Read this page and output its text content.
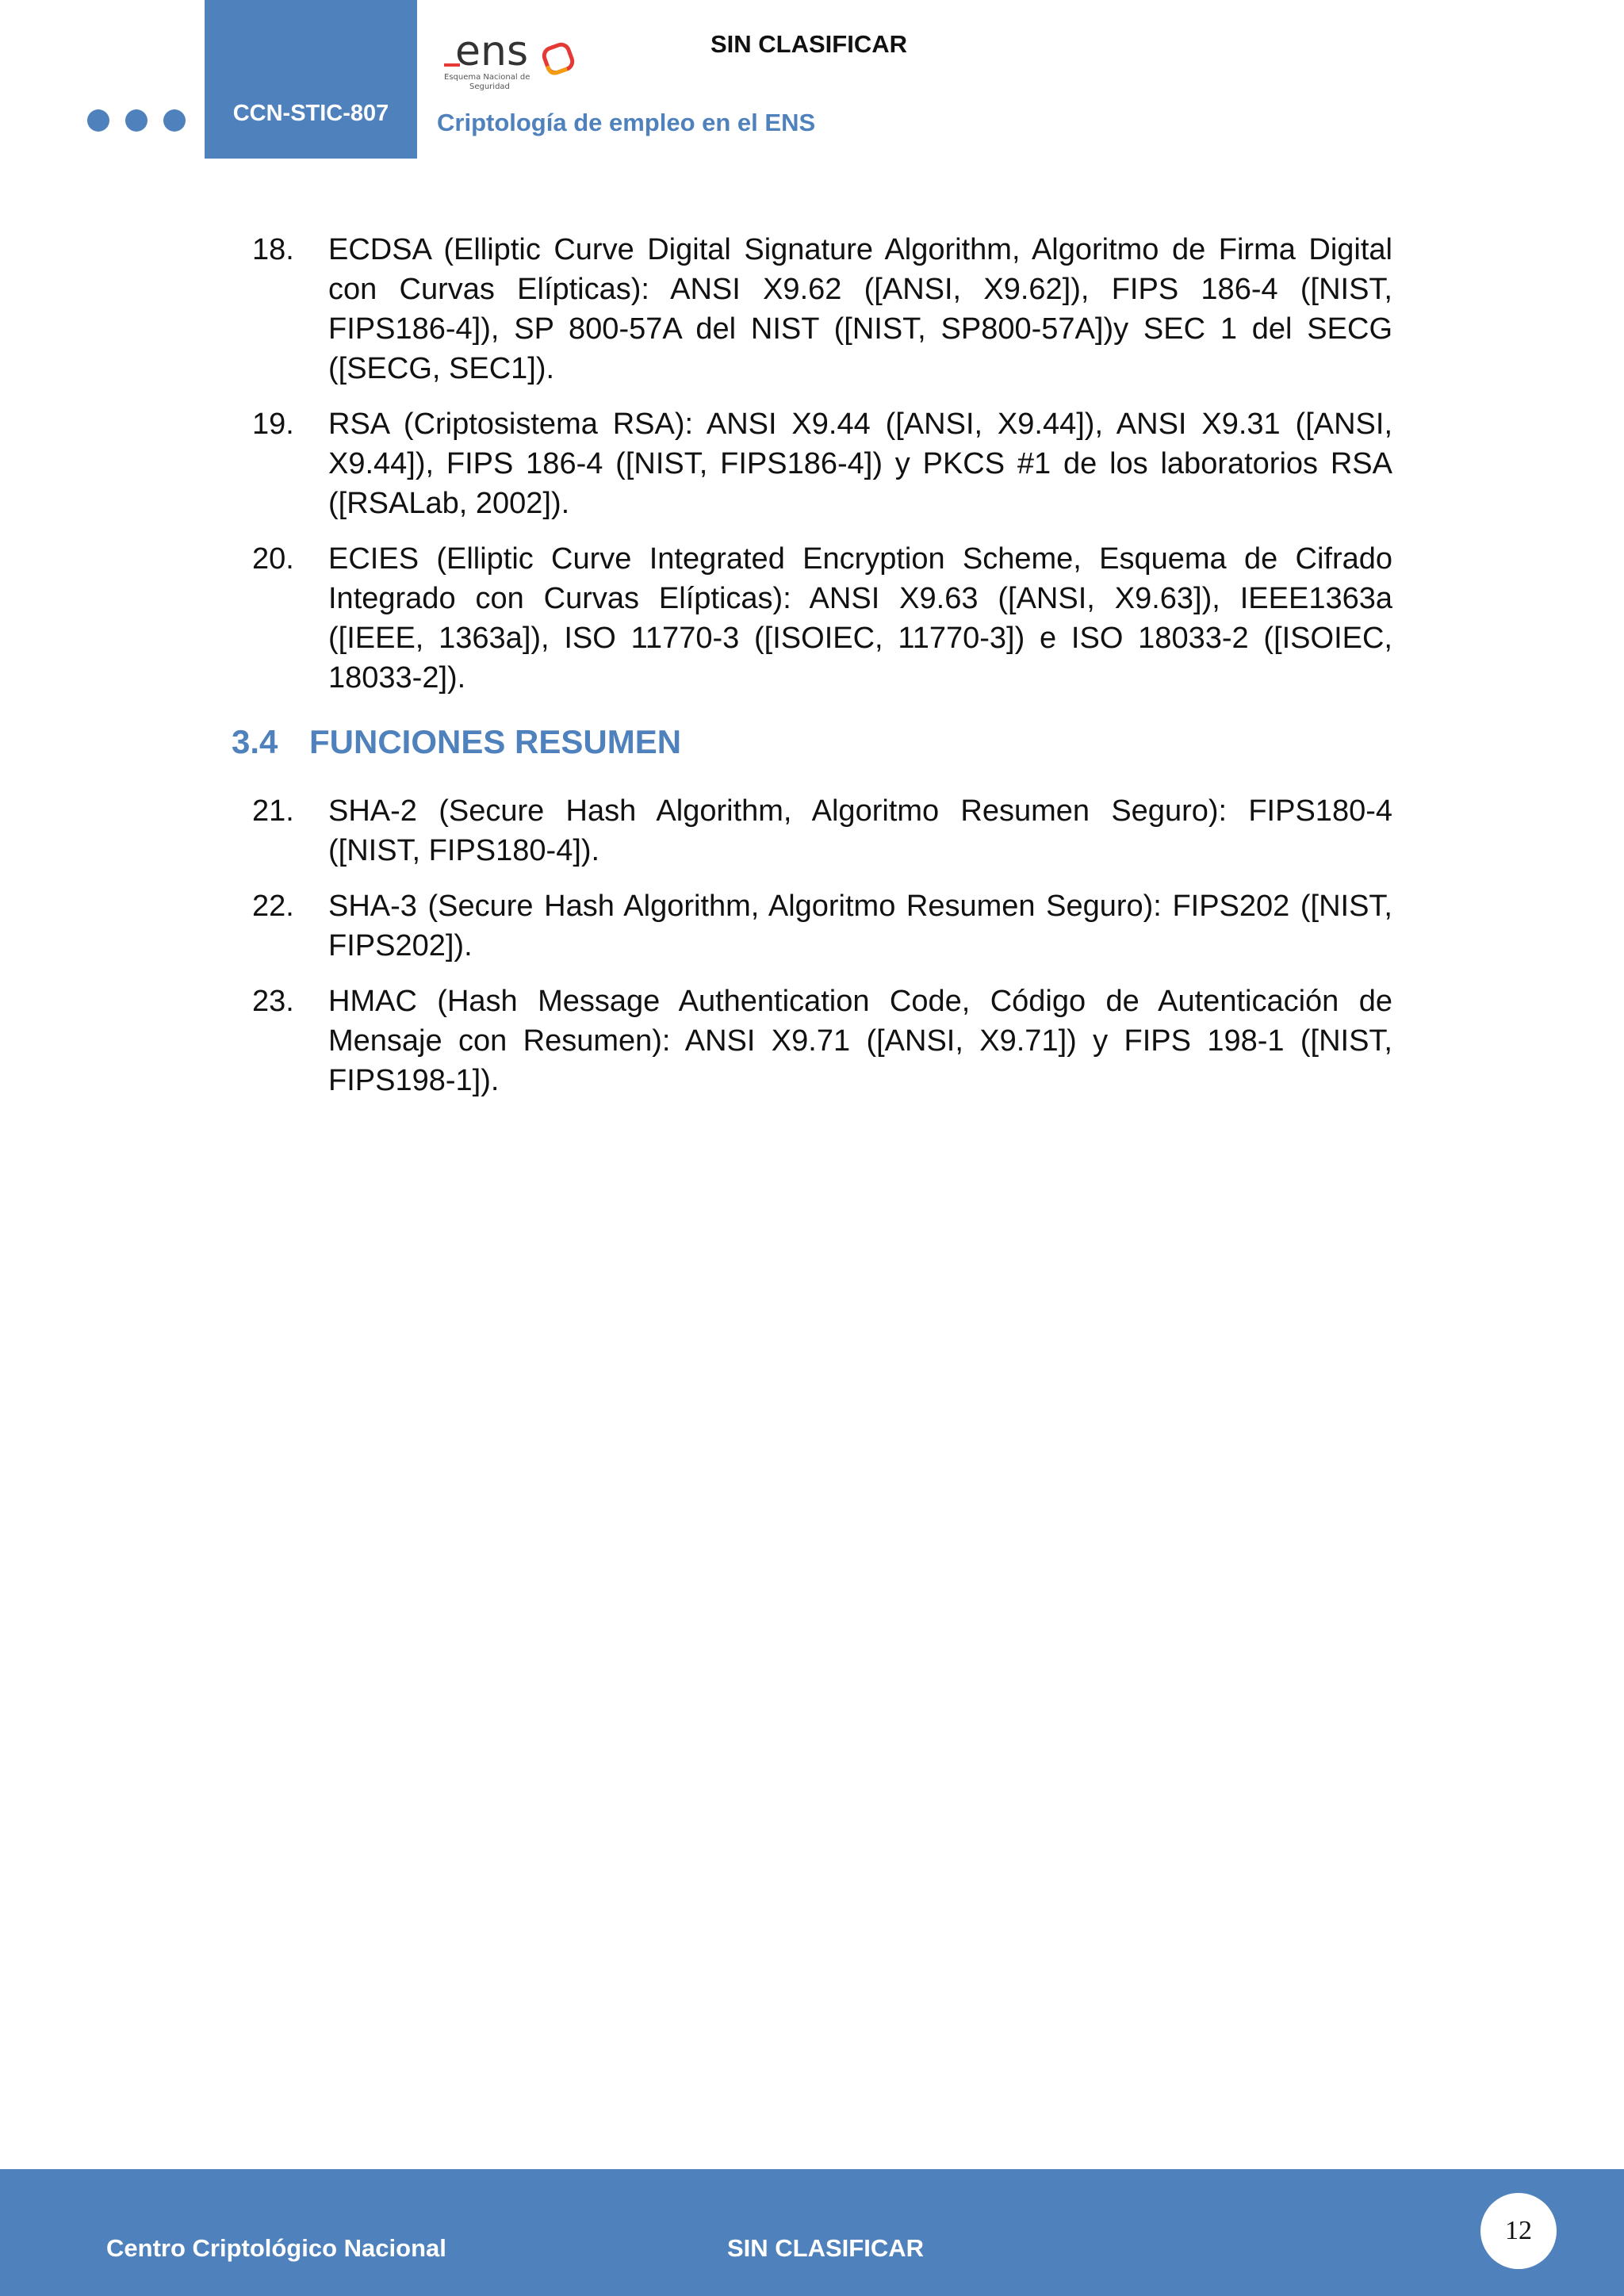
CCN-STIC-807
ens
Esquema Nacional de
Seguridad
SIN CLASIFICAR
Criptología de empleo en el ENS
18.	ECDSA (Elliptic Curve Digital Signature Algorithm, Algoritmo de Firma Digital con Curvas Elípticas): ANSI X9.62 ([ANSI, X9.62]), FIPS 186-4 ([NIST, FIPS186-4]), SP 800-57A del NIST ([NIST, SP800-57A])y SEC 1 del SECG ([SECG, SEC1]).
19.	RSA (Criptosistema RSA): ANSI X9.44 ([ANSI, X9.44]), ANSI X9.31 ([ANSI, X9.44]), FIPS 186-4 ([NIST, FIPS186-4]) y PKCS #1 de los laboratorios RSA ([RSALab, 2002]).
20.	ECIES (Elliptic Curve Integrated Encryption Scheme, Esquema de Cifrado Integrado con Curvas Elípticas): ANSI X9.63 ([ANSI, X9.63]), IEEE1363a ([IEEE, 1363a]), ISO 11770-3 ([ISOIEC, 11770-3]) e ISO 18033-2 ([ISOIEC, 18033-2]).
3.4 FUNCIONES RESUMEN
21.	SHA-2 (Secure Hash Algorithm, Algoritmo Resumen Seguro): FIPS180-4 ([NIST, FIPS180-4]).
22.	SHA-3 (Secure Hash Algorithm, Algoritmo Resumen Seguro): FIPS202 ([NIST, FIPS202]).
23.	HMAC (Hash Message Authentication Code, Código de Autenticación de Mensaje con Resumen): ANSI X9.71 ([ANSI, X9.71]) y FIPS 198-1 ([NIST, FIPS198-1]).
Centro Criptológico Nacional	SIN CLASIFICAR
12
